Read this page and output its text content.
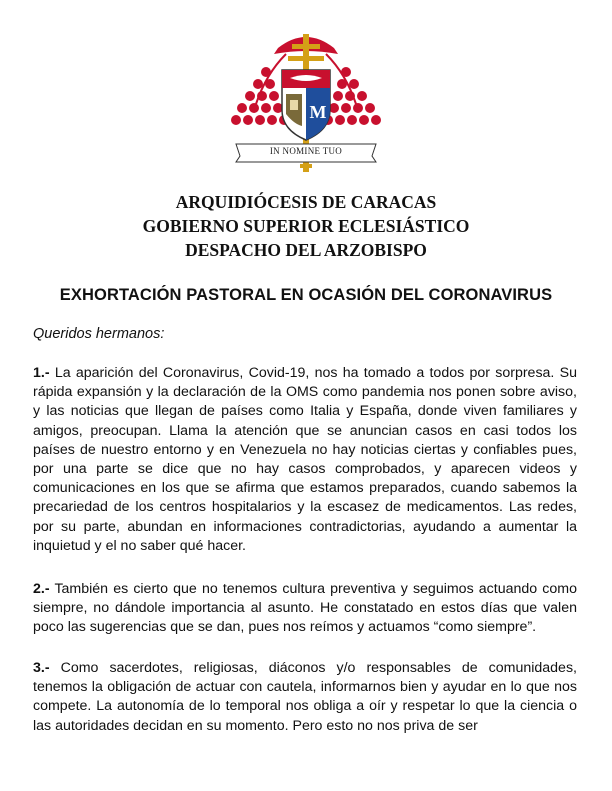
M
IN NOMINE TUO
ARQUIDIÓCESIS DE CARACAS
GOBIERNO SUPERIOR ECLESIÁSTICO
DESPACHO DEL ARZOBISPO
EXHORTACIÓN PASTORAL EN OCASIÓN DEL CORONAVIRUS
Queridos hermanos:
1.- La aparición del Coronavirus, Covid-19, nos ha tomado a todos por sorpresa. Su rápida expansión y la declaración de la OMS como pandemia nos ponen sobre aviso, y las noticias que llegan de países como Italia y España, donde viven familiares y amigos, preocupan. Llama la atención que se anuncian casos en casi todos los países de nuestro entorno y en Venezuela no hay noticias ciertas y confiables pues, por una parte se dice que no hay casos comprobados, y aparecen videos y comunicaciones en los que se afirma que estamos preparados, cuando sabemos la precariedad de los centros hospitalarios y la escasez de medicamentos. Las redes, por su parte, abundan en informaciones contradictorias, ayudando a aumentar la inquietud y el no saber qué hacer.
2.- También es cierto que no tenemos cultura preventiva y seguimos actuando como siempre, no dándole importancia al asunto. He constatado en estos días que valen poco las sugerencias que se dan, pues nos reímos y actuamos “como siempre”.
3.- Como sacerdotes, religiosas, diáconos y/o responsables de comunidades, tenemos la obligación de actuar con cautela, informarnos bien y ayudar en lo que nos compete. La autonomía de lo temporal nos obliga a oír y respetar lo que la ciencia o las autoridades decidan en su momento. Pero esto no nos priva de ser
